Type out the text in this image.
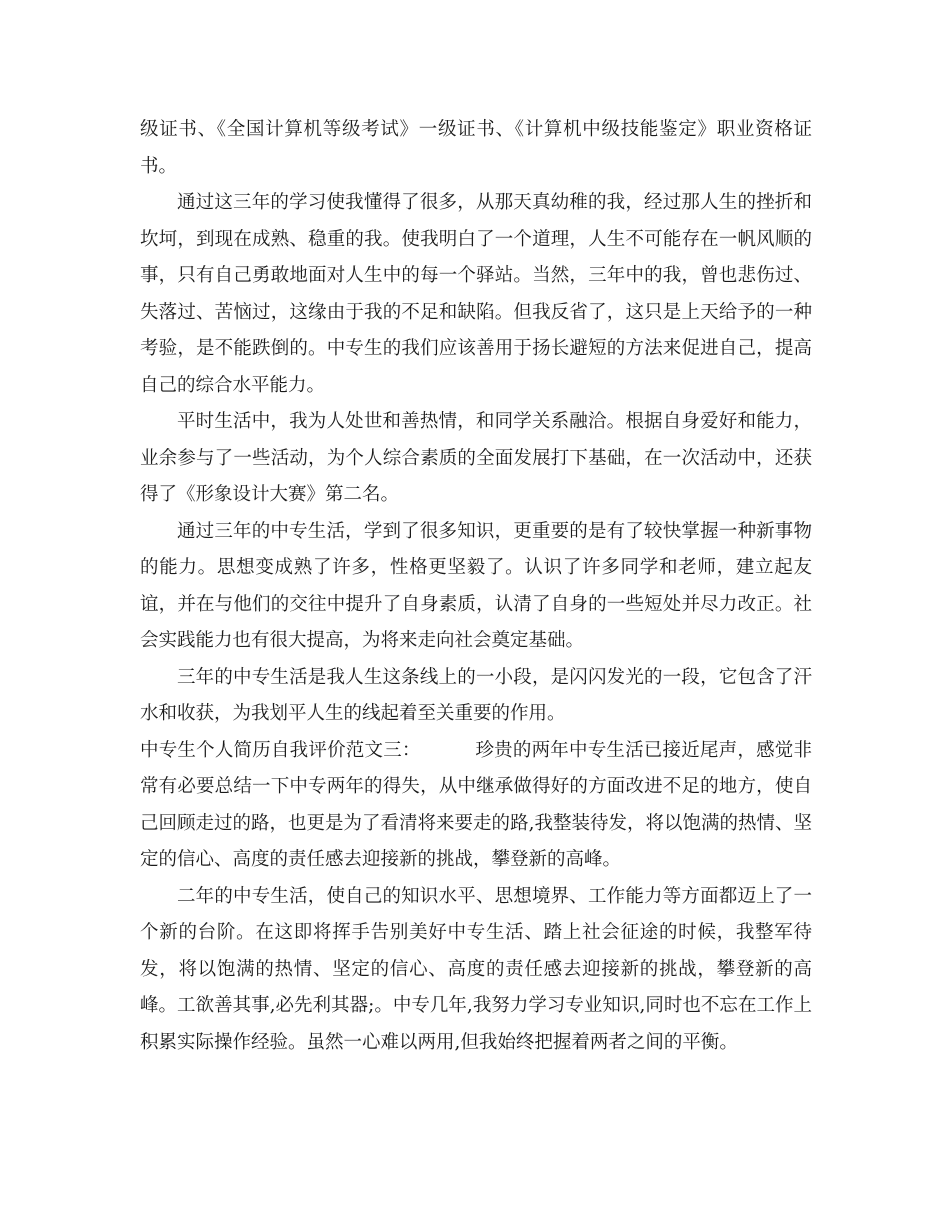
级证书、《全国计算机等级考试》一级证书、《计算机中级技能鉴定》职业资格证书。

通过这三年的学习使我懂得了很多，从那天真幼稚的我，经过那人生的挫折和坎坷，到现在成熟、稳重的我。使我明白了一个道理，人生不可能存在一帆风顺的事，只有自己勇敢地面对人生中的每一个驿站。当然，三年中的我，曾也悲伤过、失落过、苦恼过，这缘由于我的不足和缺陷。但我反省了，这只是上天给予的一种考验，是不能跌倒的。中专生的我们应该善用于扬长避短的方法来促进自己，提高自己的综合水平能力。

平时生活中，我为人处世和善热情，和同学关系融洽。根据自身爱好和能力，业余参与了一些活动，为个人综合素质的全面发展打下基础，在一次活动中，还获得了《形象设计大赛》第二名。

通过三年的中专生活，学到了很多知识，更重要的是有了较快掌握一种新事物的能力。思想变成熟了许多，性格更坚毅了。认识了许多同学和老师，建立起友谊，并在与他们的交往中提升了自身素质，认清了自身的一些短处并尽力改正。社会实践能力也有很大提高，为将来走向社会奠定基础。

三年的中专生活是我人生这条线上的一小段，是闪闪发光的一段，它包含了汗水和收获，为我划平人生的线起着至关重要的作用。

中专生个人简历自我评价范文三：         珍贵的两年中专生活已接近尾声，感觉非常有必要总结一下中专两年的得失，从中继承做得好的方面改进不足的地方，使自己回顾走过的路，也更是为了看清将来要走的路,我整装待发，将以饱满的热情、坚定的信心、高度的责任感去迎接新的挑战，攀登新的高峰。

二年的中专生活，使自己的知识水平、思想境界、工作能力等方面都迈上了一个新的台阶。在这即将挥手告别美好中专生活、踏上社会征途的时候，我整军待发，将以饱满的热情、坚定的信心、高度的责任感去迎接新的挑战，攀登新的高峰。工欲善其事,必先利其器;。中专几年,我努力学习专业知识,同时也不忘在工作上积累实际操作经验。虽然一心难以两用,但我始终把握着两者之间的平衡。
